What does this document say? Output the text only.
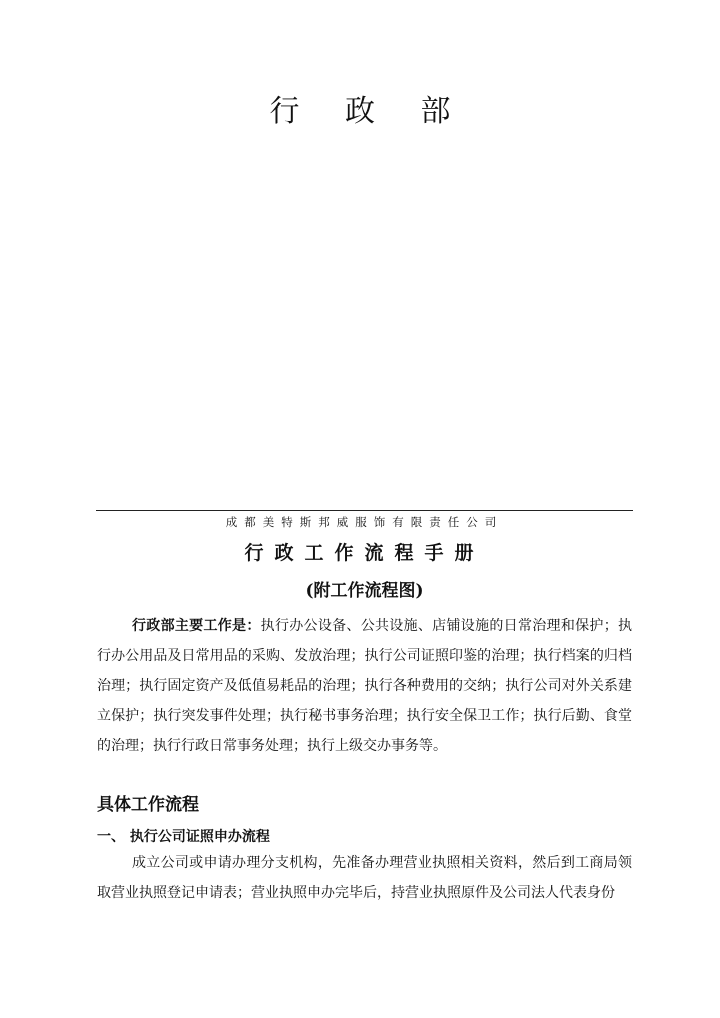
行 政 部
成都美特斯邦威服饰有限责任公司
行政工作流程手册
(附工作流程图)
行政部主要工作是：执行办公设备、公共设施、店铺设施的日常治理和保护；执行办公用品及日常用品的采购、发放治理；执行公司证照印鉴的治理；执行档案的归档治理；执行固定资产及低值易耗品的治理；执行各种费用的交纳；执行公司对外关系建立保护；执行突发事件处理；执行秘书事务治理；执行安全保卫工作；执行后勤、食堂的治理；执行行政日常事务处理；执行上级交办事务等。
具体工作流程
一、 执行公司证照申办流程
成立公司或申请办理分支机构，先准备办理营业执照相关资料，然后到工商局领取营业执照登记申请表；营业执照申办完毕后，持营业执照原件及公司法人代表身份
